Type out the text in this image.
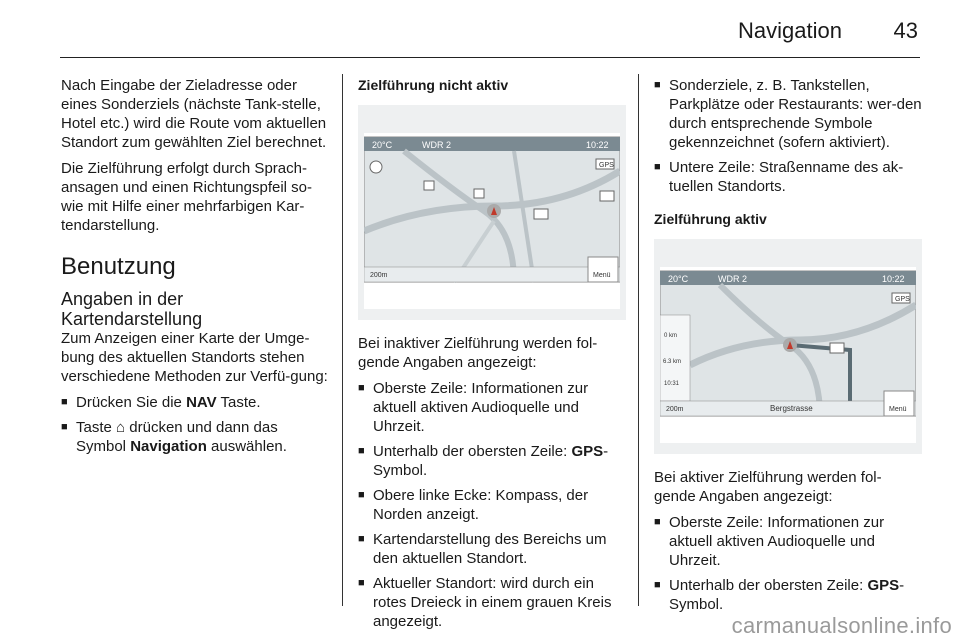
Navigation 43

Nach Eingabe der Zieladresse oder eines Sonderziels (nächste Tank-stelle, Hotel etc.) wird die Route vom aktuellen Standort zum gewählten Ziel berechnet.

Die Zielführung erfolgt durch Sprach-ansagen und einen Richtungspfeil so-wie mit Hilfe einer mehrfarbigen Kar-tendarstellung.

Benutzung
Angaben in der Kartendarstellung

Zum Anzeigen einer Karte der Umge-bung des aktuellen Standorts stehen verschiedene Methoden zur Verfü-gung:

■ Drücken Sie die NAV Taste.
■ Taste ⌂ drücken und dann das Symbol Navigation auswählen.
Zielführung nicht aktiv
20°C	WDR 2	10:22
GPS
200m	Menü

Bei inaktiver Zielführung werden fol-gende Angaben angezeigt:

■ Oberste Zeile: Informationen zur aktuell aktiven Audioquelle und Uhrzeit.
■ Unterhalb der obersten Zeile: GPS-Symbol.
■ Obere linke Ecke: Kompass, der Norden anzeigt.
■ Kartendarstellung des Bereichs um den aktuellen Standort.
■ Aktueller Standort: wird durch ein rotes Dreieck in einem grauen Kreis angezeigt.
■ Sonderziele, z. B. Tankstellen, Parkplätze oder Restaurants: wer-den durch entsprechende Symbole gekennzeichnet (sofern aktiviert).
■ Untere Zeile: Straßenname des ak-tuellen Standorts.
Zielführung aktiv
20°C	WDR 2	10:22
GPS
0 km
6.3 km
10:31
200m	Bergstrasse	Menü

Bei aktiver Zielführung werden fol-gende Angaben angezeigt:

■ Oberste Zeile: Informationen zur aktuell aktiven Audioquelle und Uhrzeit.
■ Unterhalb der obersten Zeile: GPS-Symbol.
carmanualsonline.info
